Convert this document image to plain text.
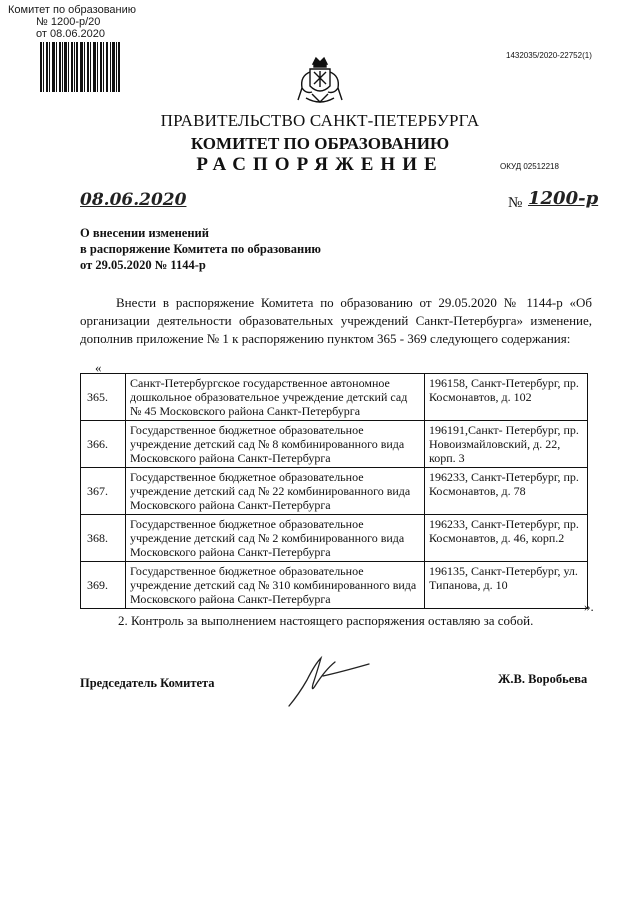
Комитет по образованию
№ 1200-р/20
от 08.06.2020
1432035/2020-22752(1)
ПРАВИТЕЛЬСТВО САНКТ-ПЕТЕРБУРГА
КОМИТЕТ ПО ОБРАЗОВАНИЮ
РАСПОРЯЖЕНИЕ	ОКУД 02512218
08.06.2020	№ 1200-р
О внесении изменений
в распоряжение Комитета по образованию
от 29.05.2020 № 1144-р
Внести в распоряжение Комитета по образованию от 29.05.2020 № 1144-р «Об организации деятельности образовательных учреждений Санкт-Петербурга» изменение, дополнив приложение № 1 к распоряжению пунктом 365 - 369 следующего содержания:
«
365.	Санкт-Петербургское государственное автономное дошкольное образовательное учреждение детский сад № 45 Московского района Санкт-Петербурга	196158, Санкт-Петербург, пр. Космонавтов, д. 102
366.	Государственное бюджетное образовательное учреждение детский сад № 8 комбинированного вида Московского района Санкт-Петербурга	196191,Санкт- Петербург, пр. Новоизмайловский, д. 22, корп. 3
367.	Государственное бюджетное образовательное учреждение детский сад № 22 комбинированного вида Московского района Санкт-Петербурга	196233, Санкт-Петербург, пр. Космонавтов, д. 78
368.	Государственное бюджетное образовательное учреждение детский сад № 2 комбинированного вида Московского района Санкт-Петербурга	196233, Санкт-Петербург, пр. Космонавтов, д. 46, корп.2
369.	Государственное бюджетное образовательное учреждение детский сад № 310 комбинированного вида Московского района Санкт-Петербурга	196135, Санкт-Петербург, ул. Типанова, д. 10
».
2. Контроль за выполнением настоящего распоряжения оставляю за собой.
Председатель Комитета	Ж.В. Воробьева
